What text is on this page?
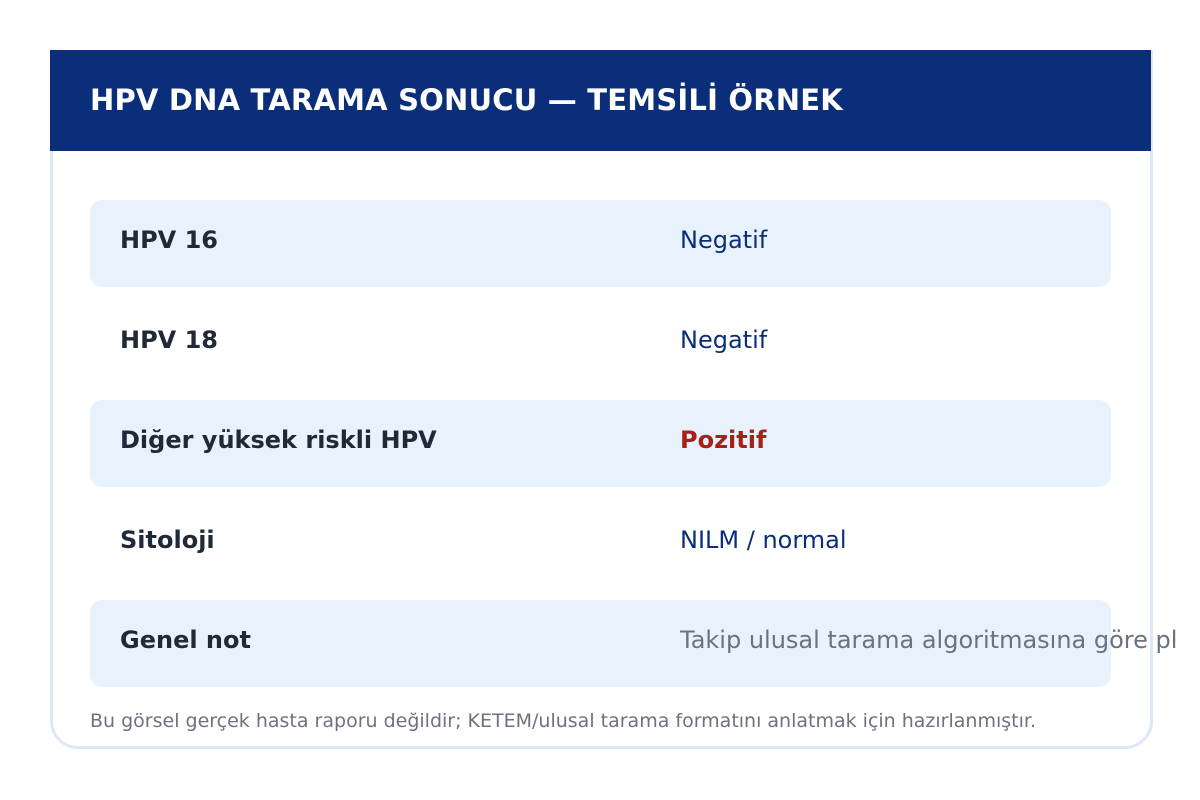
HPV DNA TARAMA SONUCU — TEMSİLİ ÖRNEK
HPV 16	Negatif
HPV 18	Negatif
Diğer yüksek riskli HPV	Pozitif
Sitoloji	NILM / normal
Genel not	Takip ulusal tarama algoritmasına göre pl
Bu görsel gerçek hasta raporu değildir; KETEM/ulusal tarama formatını anlatmak için hazırlanmıştır.
